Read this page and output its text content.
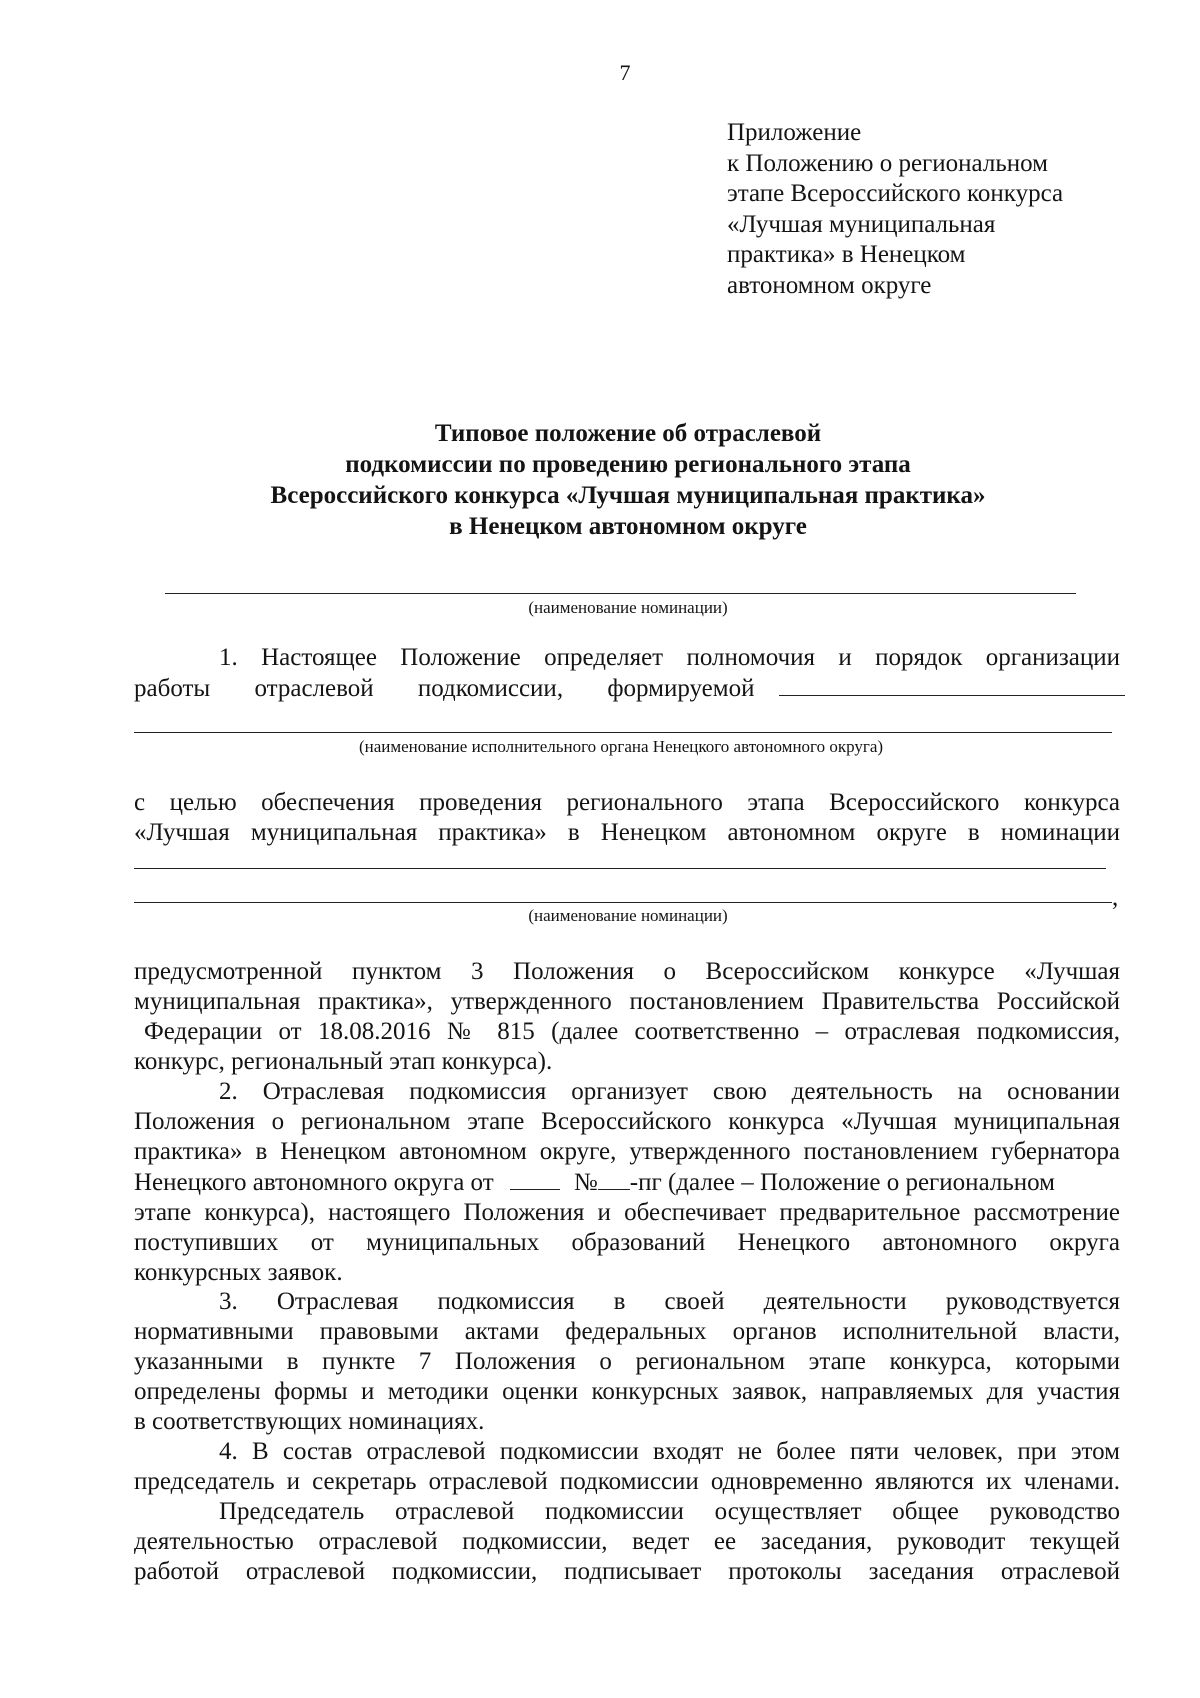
7
Приложение
к Положению о региональном
этапе Всероссийского конкурса
«Лучшая муниципальная
практика» в Ненецком
автономном округе
Типовое положение об отраслевой
подкомиссии по проведению регионального этапа
Всероссийского конкурса «Лучшая муниципальная практика»
в Ненецком автономном округе
(наименование номинации)
1. Настоящее Положение определяет полномочия и порядок организации
работы отраслевой подкомиссии, формируемой
(наименование исполнительного органа Ненецкого автономного округа)
с целью обеспечения проведения регионального этапа Всероссийского конкурса
«Лучшая муниципальная практика» в Ненецком автономном округе в номинации
,
(наименование номинации)
предусмотренной пунктом 3 Положения о Всероссийском конкурсе «Лучшая
муниципальная практика», утвержденного постановлением Правительства Российской
Федерации от 18.08.2016 № 815 (далее соответственно – отраслевая подкомиссия,
конкурс, региональный этап конкурса).
2. Отраслевая подкомиссия организует свою деятельность на основании
Положения о региональном этапе Всероссийского конкурса «Лучшая муниципальная
практика» в Ненецком автономном округе, утвержденного постановлением губернатора
Ненецкого автономного округа от	№ -пг (далее – Положение о региональном
этапе конкурса), настоящего Положения и обеспечивает предварительное рассмотрение
поступивших от муниципальных образований Ненецкого автономного округа
конкурсных заявок.
3. Отраслевая подкомиссия в своей деятельности руководствуется
нормативными правовыми актами федеральных органов исполнительной власти,
указанными в пункте 7 Положения о региональном этапе конкурса, которыми
определены формы и методики оценки конкурсных заявок, направляемых для участия
в соответствующих номинациях.
4. В состав отраслевой подкомиссии входят не более пяти человек, при этом
председатель и секретарь отраслевой подкомиссии одновременно являются их членами.
Председатель отраслевой подкомиссии осуществляет общее руководство
деятельностью отраслевой подкомиссии, ведет ее заседания, руководит текущей
работой отраслевой подкомиссии, подписывает протоколы заседания отраслевой
